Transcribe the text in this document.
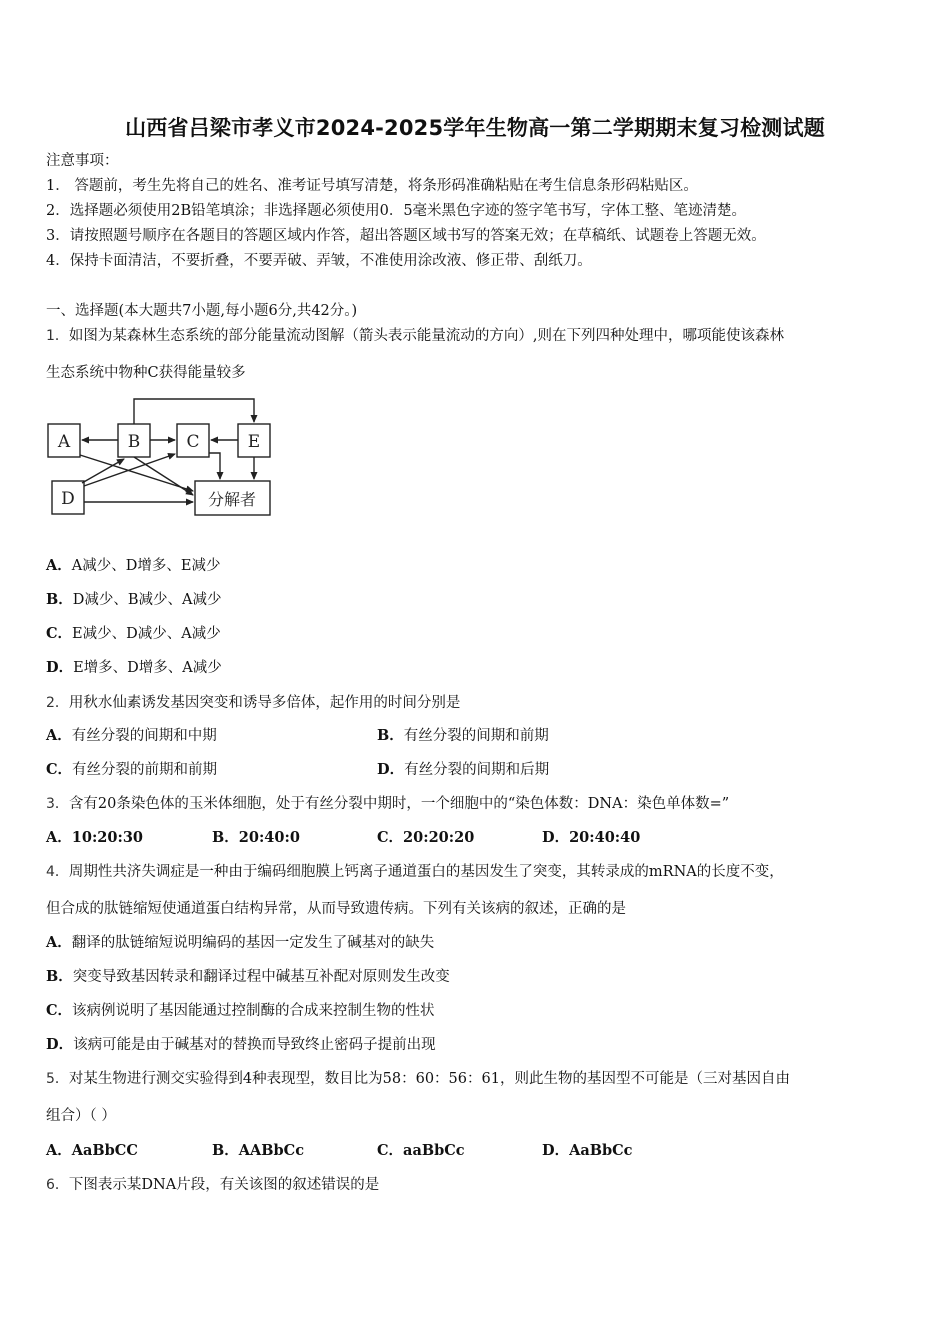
山西省吕梁市孝义市2024-2025学年生物高一第二学期期末复习检测试题
注意事项：
1． 答题前，考生先将自己的姓名、准考证号填写清楚，将条形码准确粘贴在考生信息条形码粘贴区。
2．选择题必须使用2B铅笔填涂；非选择题必须使用0．5毫米黑色字迹的签字笔书写，字体工整、笔迹清楚。
3．请按照题号顺序在各题目的答题区域内作答，超出答题区域书写的答案无效；在草稿纸、试题卷上答题无效。
4．保持卡面清洁，不要折叠，不要弄破、弄皱，不准使用涂改液、修正带、刮纸刀。
一、选择题(本大题共7小题,每小题6分,共42分。)
1．如图为某森林生态系统的部分能量流动图解（箭头表示能量流动的方向）,则在下列四种处理中，哪项能使该森林
生态系统中物种C获得能量较多
A	B	C	E
D	分解者
A．A减少、D增多、E减少
B．D减少、B减少、A减少
C．E减少、D减少、A减少
D．E增多、D增多、A减少
2．用秋水仙素诱发基因突变和诱导多倍体，起作用的时间分别是
A．有丝分裂的间期和中期	B．有丝分裂的间期和前期
C．有丝分裂的前期和前期	D．有丝分裂的间期和后期
3．含有20条染色体的玉米体细胞，处于有丝分裂中期时，一个细胞中的“染色体数：DNA：染色单体数=”
A．10:20:30	B．20:40:0	C．20:20:20	D．20:40:40
4．周期性共济失调症是一种由于编码细胞膜上钙离子通道蛋白的基因发生了突变，其转录成的mRNA的长度不变，
但合成的肽链缩短使通道蛋白结构异常，从而导致遗传病。下列有关该病的叙述，正确的是
A．翻译的肽链缩短说明编码的基因一定发生了碱基对的缺失
B．突变导致基因转录和翻译过程中碱基互补配对原则发生改变
C．该病例说明了基因能通过控制酶的合成来控制生物的性状
D．该病可能是由于碱基对的替换而导致终止密码子提前出现
5．对某生物进行测交实验得到4种表现型，数目比为58：60：56：61，则此生物的基因型不可能是（三对基因自由
组合）（ ）
A．AaBbCC	B．AABbCc	C．aaBbCc	D．AaBbCc
6．下图表示某DNA片段，有关该图的叙述错误的是
